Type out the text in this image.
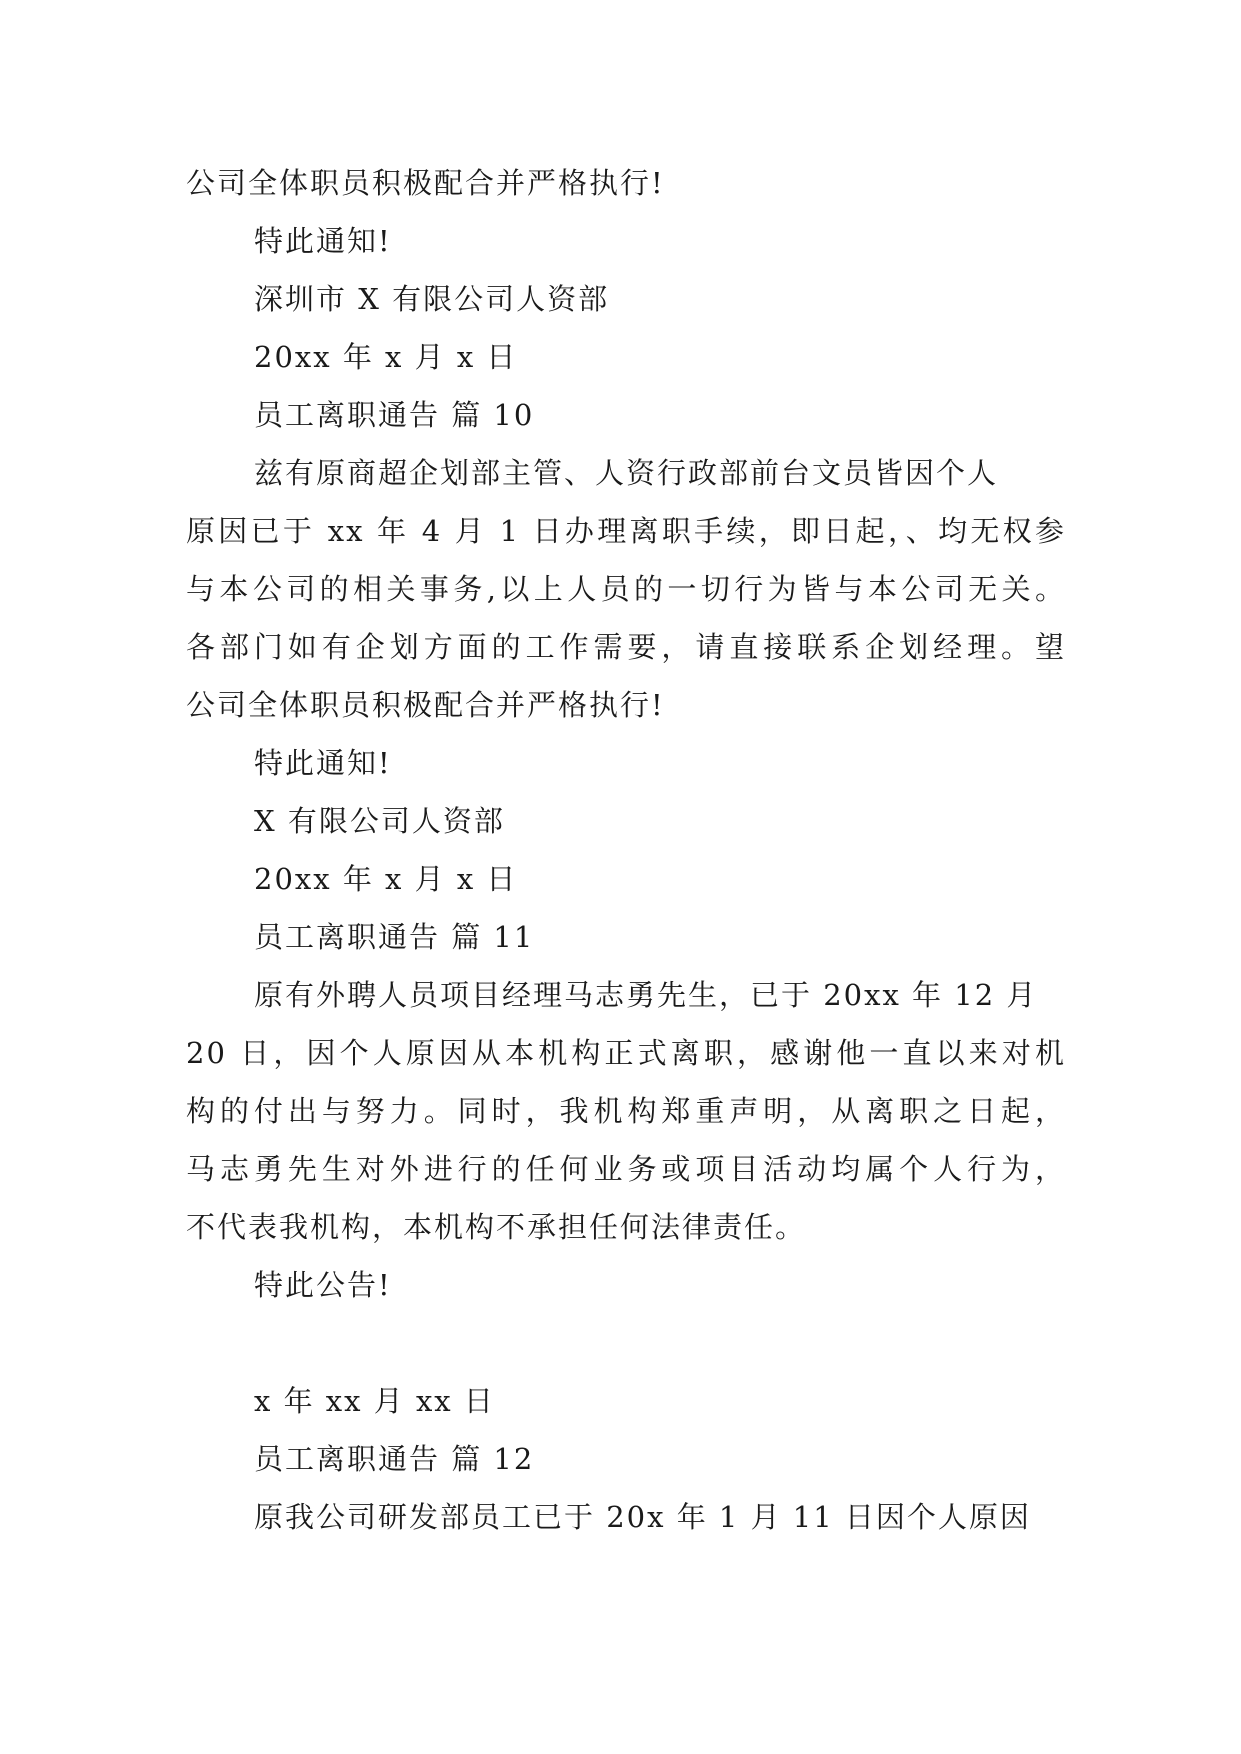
公司全体职员积极配合并严格执行!
特此通知!
深圳市 X 有限公司人资部
20xx 年 x 月 x 日
员工离职通告 篇 10
兹有原商超企划部主管、人资行政部前台文员皆因个人
原因已于 xx 年 4 月 1 日办理离职手续，即日起，、均无权参
与本公司的相关事务,以上人员的一切行为皆与本公司无关。
各部门如有企划方面的工作需要，请直接联系企划经理。望
公司全体职员积极配合并严格执行!
特此通知!
X 有限公司人资部
20xx 年 x 月 x 日
员工离职通告 篇 11
原有外聘人员项目经理马志勇先生，已于 20xx 年 12 月
20 日，因个人原因从本机构正式离职，感谢他一直以来对机
构的付出与努力。同时，我机构郑重声明，从离职之日起，
马志勇先生对外进行的任何业务或项目活动均属个人行为，
不代表我机构，本机构不承担任何法律责任。
特此公告!
x 年 xx 月 xx 日
员工离职通告 篇 12
原我公司研发部员工已于 20x 年 1 月 11 日因个人原因
